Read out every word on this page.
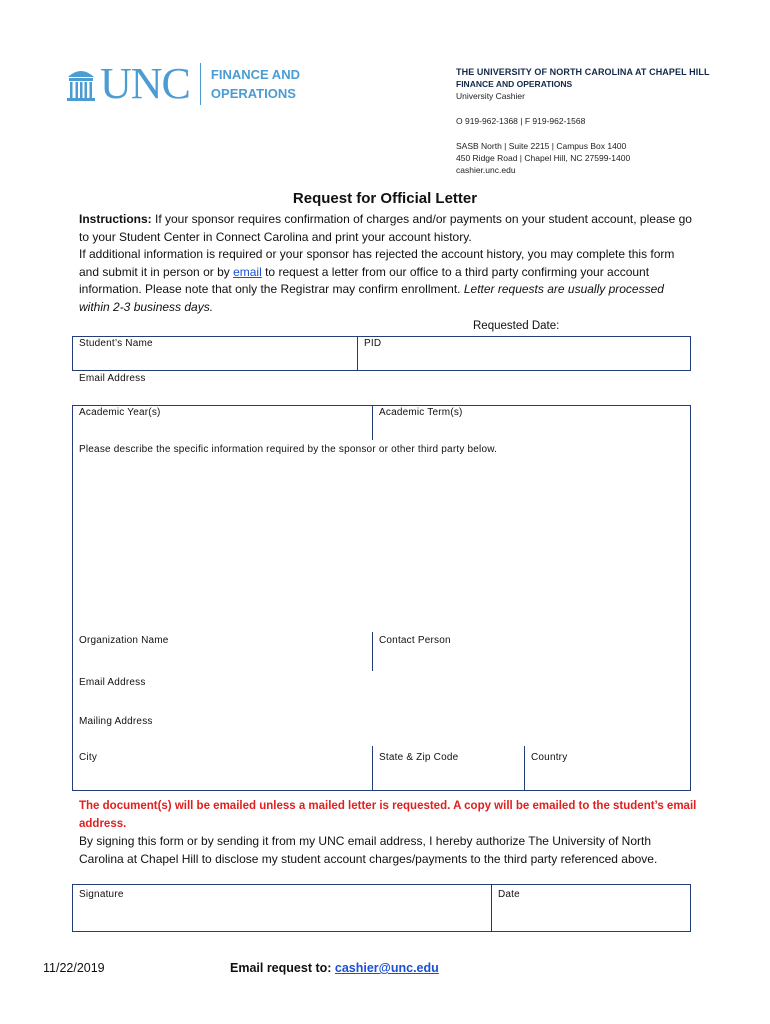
UNC FINANCE AND
OPERATIONS
THE UNIVERSITY OF NORTH CAROLINA AT CHAPEL HILL
FINANCE AND OPERATIONS
University Cashier
O 919-962-1368 | F 919-962-1568
SASB North | Suite 2215 | Campus Box 1400
450 Ridge Road | Chapel Hill, NC 27599-1400
cashier.unc.edu
Request for Official Letter

Instructions: If your sponsor requires confirmation of charges and/or payments on your student account, please go to your Student Center in Connect Carolina and print your account history.

If additional information is required or your sponsor has rejected the account history, you may complete this form and submit it in person or by email to request a letter from our office to a third party confirming your account information. Please note that only the Registrar may confirm enrollment. Letter requests are usually processed within 2-3 business days.

Requested Date:
Student’s Name	PID
Email Address
Academic Year(s)	Academic Term(s)
Please describe the specific information required by the sponsor or other third party below.
Organization Name	Contact Person
Email Address
Mailing Address
City	State & Zip Code	Country
The document(s) will be emailed unless a mailed letter is requested. A copy will be emailed to the student’s email address.
By signing this form or by sending it from my UNC email address, I hereby authorize The University of North Carolina at Chapel Hill to disclose my student account charges/payments to the third party referenced above.
Signature	Date
11/22/2019	Email request to: cashier@unc.edu
